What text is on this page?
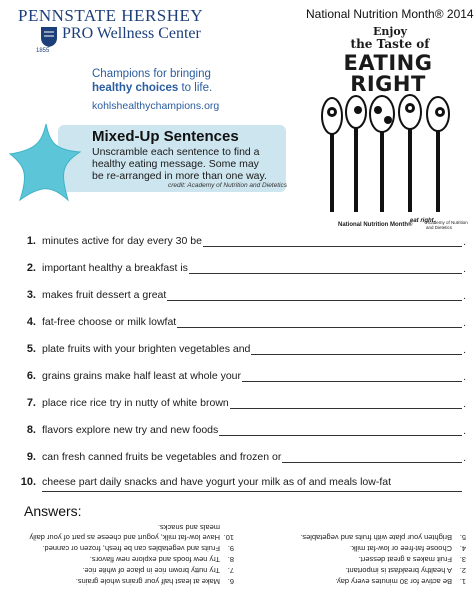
PENNSTATE HERSHEY
PRO Wellness Center
1855
Champions for bringing
healthy choices to life.
kohlshealthychampions.org
National Nutrition Month® 2014
Enjoy
the Taste of
EATING
RIGHT
National Nutrition Month®
eat right.
Academy of Nutrition and Dietetics
Mixed-Up Sentences
Unscramble each sentence to find a
healthy eating message. Some may
be re-arranged in more than one way.
credit: Academy of Nutrition and Dietetics
1. minutes active for day every 30 be	.
2. important healthy a breakfast is	.
3. makes fruit dessert a great	.
4. fat-free choose or milk lowfat	.
5. plate fruits with your brighten vegetables and	.
6. grains grains make half least at whole your	.
7. place rice rice try in nutty of white brown	.
8. flavors explore new try and new foods	.
9. can fresh canned fruits be vegetables and frozen or	.
10. cheese part daily snacks and have yogurt your milk as of and meals low-fat
Answers:
1.
Be active for 30 minutes every day.
2.
A healthy breakfast is important.
3.
Fruit makes a great dessert.
4.
Choose fat-free or low-fat milk.
5.
Brighten your plate with fruits and vegetables.
6.
Make at least half your grains whole grains.
7.
Try nutty brown rice in place of white rice.
8.
Try new foods and explore new flavors.
9.
Fruits and vegetables can be fresh, frozen or canned.
10.
Have low-fat milk, yogurt and cheese as part of your daily meals and snacks.
